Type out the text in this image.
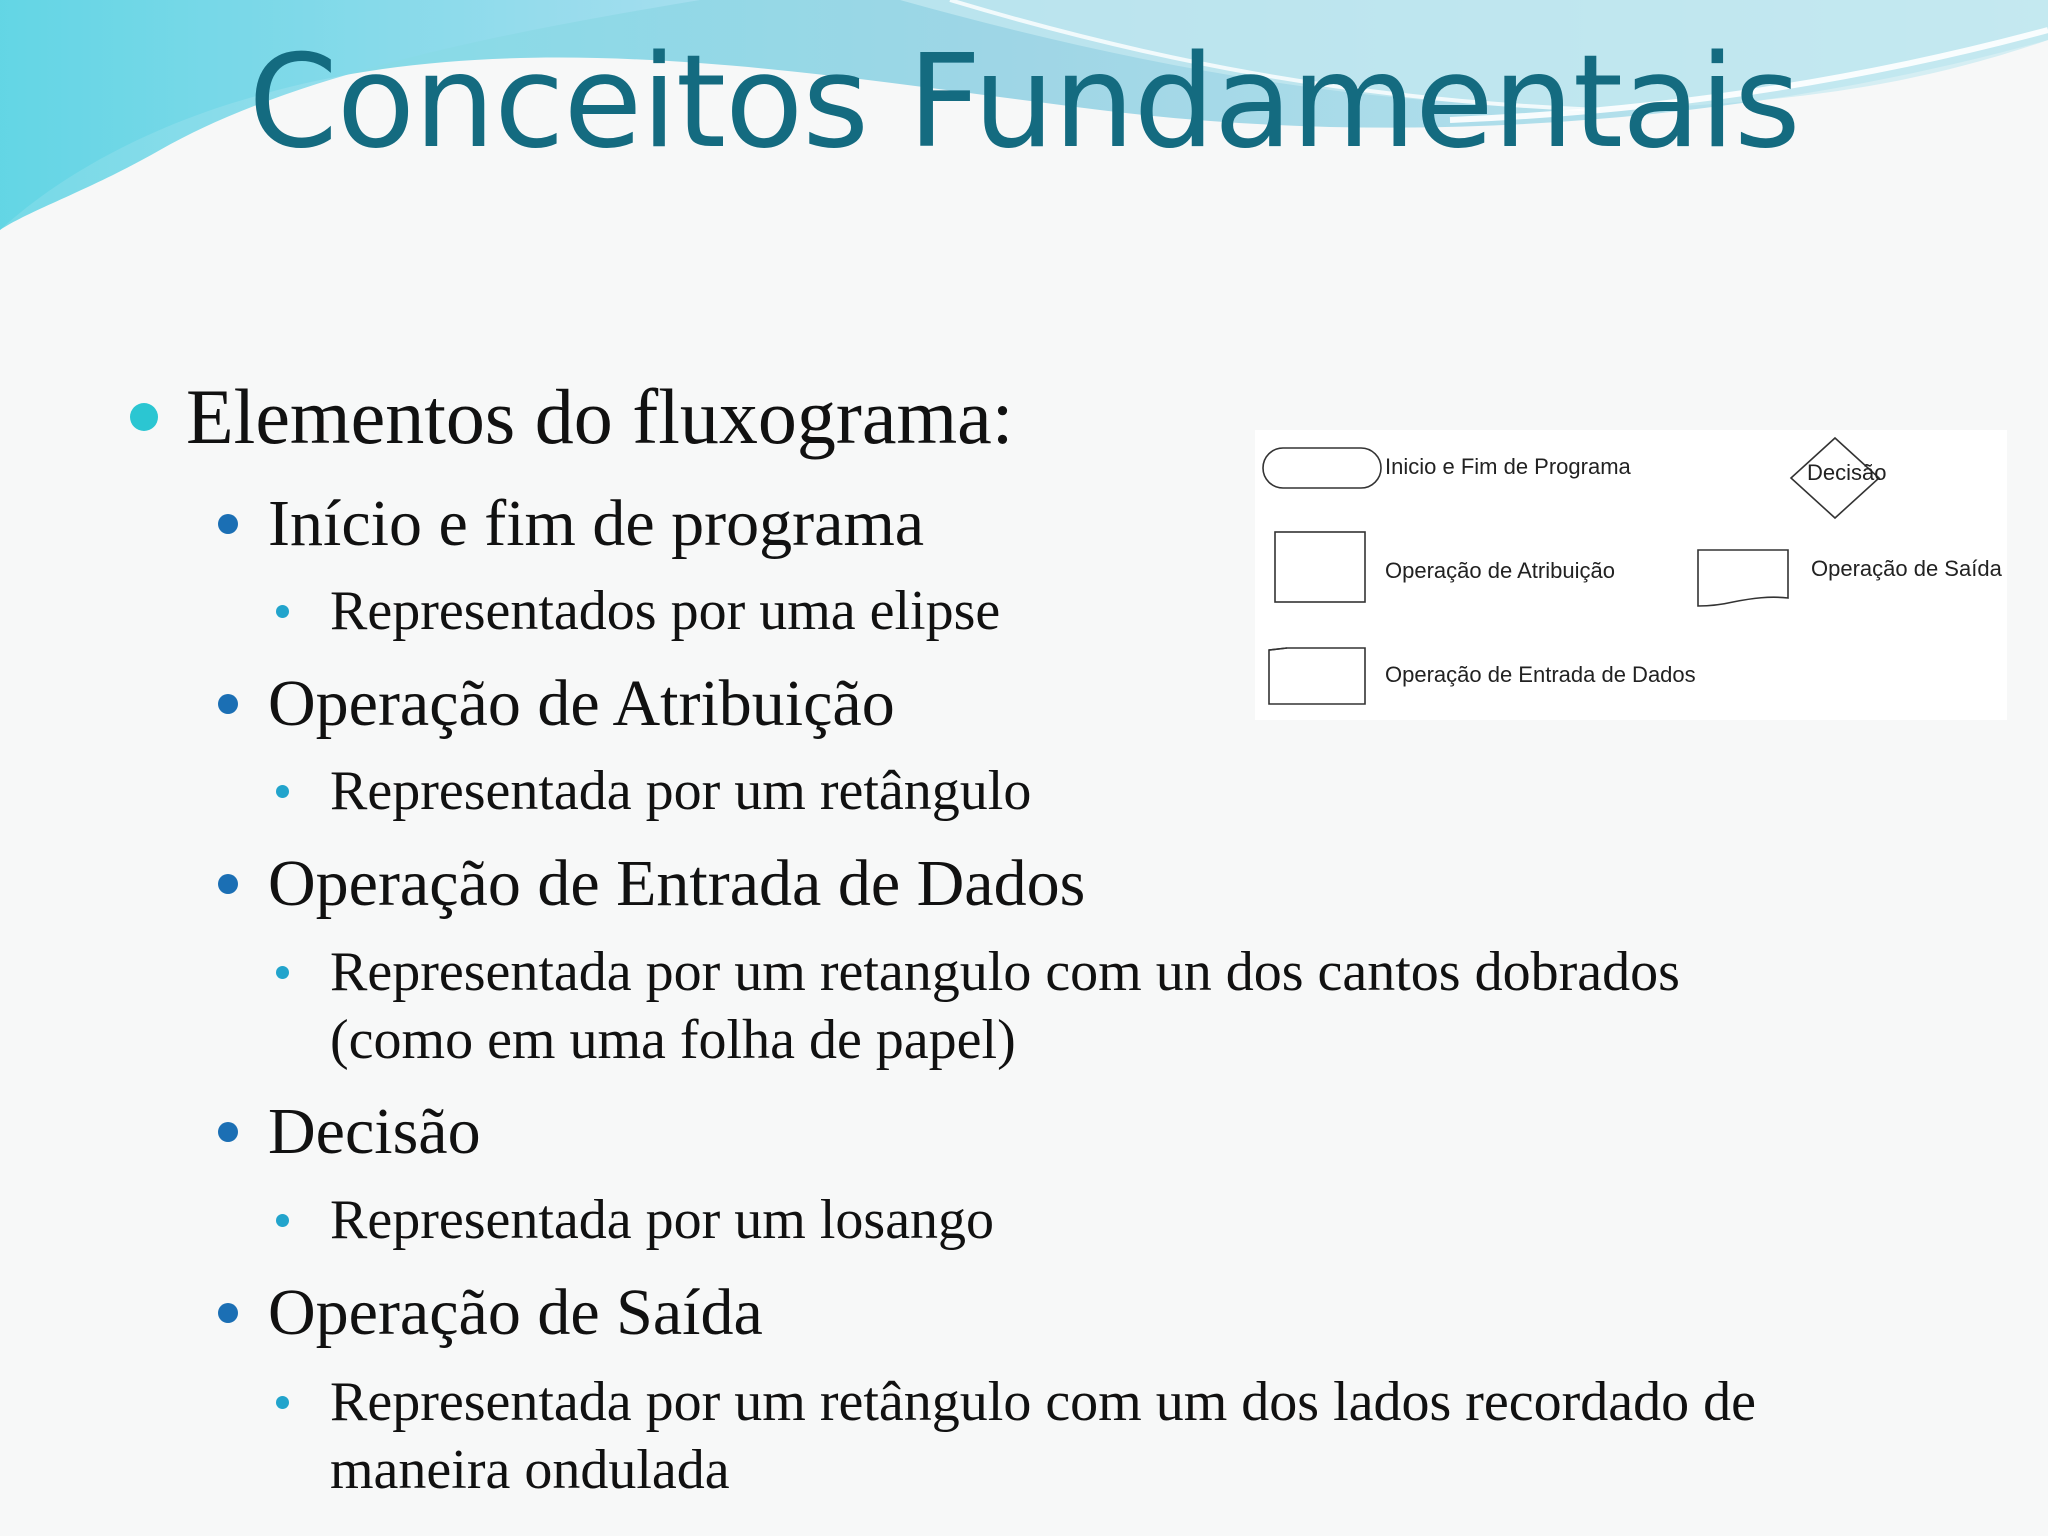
Conceitos Fundamentais
Elementos do fluxograma:
Início e fim de programa
Representados por uma elipse
Operação de Atribuição
Representada por um retângulo
Operação de Entrada de Dados
Representada por um retangulo com un dos cantos dobrados
(como em uma folha de papel)
Decisão
Representada por um losango
Operação de Saída
Representada por um retângulo com um dos lados recordado de
maneira ondulada
Inicio e Fim de Programa	Decisão
Operação de Atribuição	Operação de Saída
Operação de Entrada de Dados
